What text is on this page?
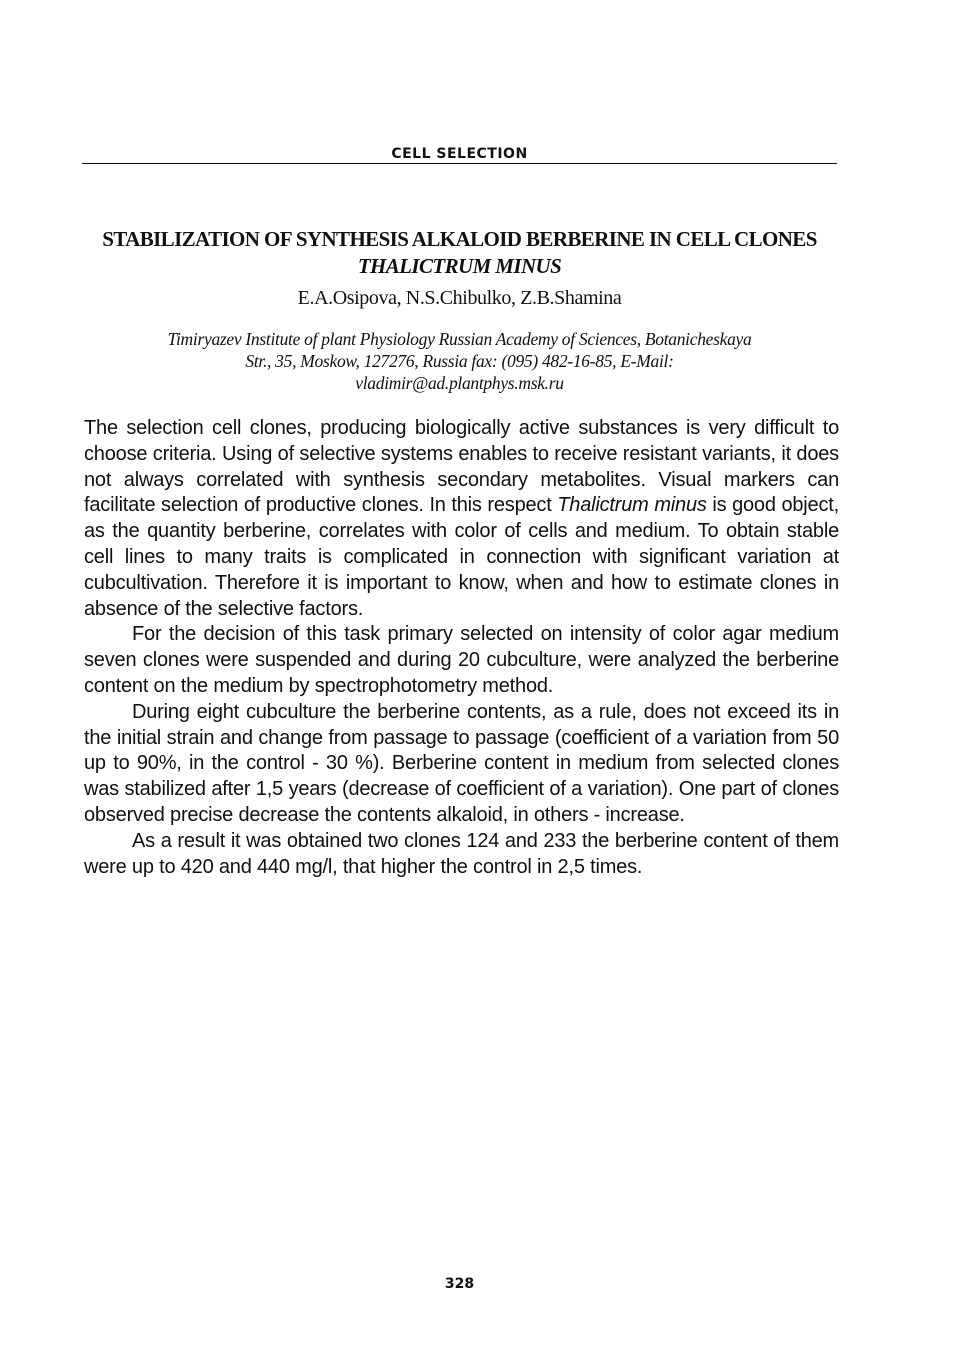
CELL SELECTION
STABILIZATION OF SYNTHESIS ALKALOID BERBERINE IN CELL CLONES THALICTRUM MINUS
E.A.Osipova, N.S.Chibulko, Z.B.Shamina
Timiryazev Institute of plant Physiology Russian Academy of Sciences, Botanicheskaya
Str., 35, Moskow, 127276, Russia fax: (095) 482-16-85, E-Mail:
vladimir@ad.plantphys.msk.ru

The selection cell clones, producing biologically active substances is very difficult to choose criteria. Using of selective systems enables to receive resistant variants, it does not always correlated with synthesis secondary metabolites. Visual markers can facilitate selection of productive clones. In this respect Thalictrum minus is good object, as the quantity berberine, correlates with color of cells and medium. To obtain stable cell lines to many traits is complicated in connection with significant variation at cubcultivation. Therefore it is important to know, when and how to estimate clones in absence of the selective factors.

For the decision of this task primary selected on intensity of color agar medium seven clones were suspended and during 20 cubculture, were analyzed the berberine content on the medium by spectrophotometry method.

During eight cubculture the berberine contents, as a rule, does not exceed its in the initial strain and change from passage to passage (coefficient of a variation from 50 up to 90%, in the control - 30 %). Berberine content in medium from selected clones was stabilized after 1,5 years (decrease of coefficient of a variation). One part of clones observed precise decrease the contents alkaloid, in others - increase.

As a result it was obtained two clones 124 and 233 the berberine content of them were up to 420 and 440 mg/l, that higher the control in 2,5 times.

328
